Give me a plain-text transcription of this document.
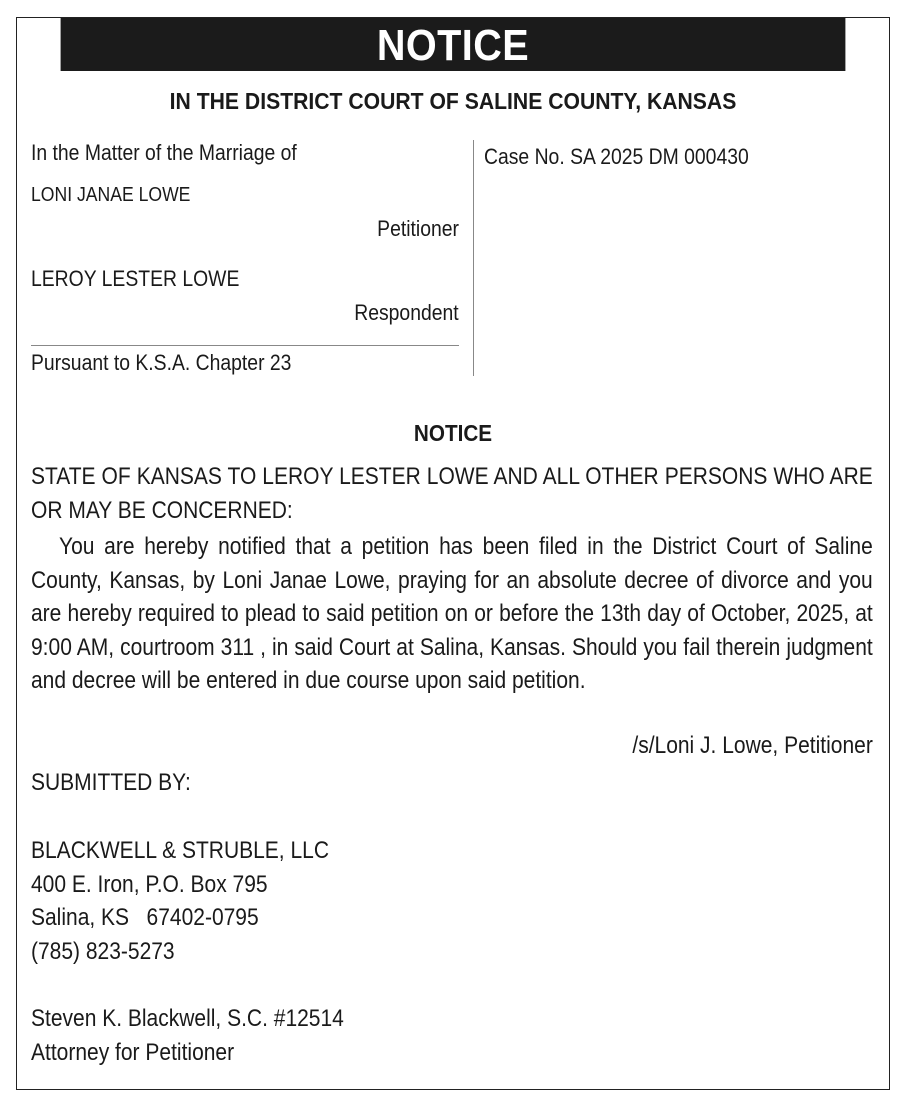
NOTICE
IN THE DISTRICT COURT OF SALINE COUNTY, KANSAS
In the Matter of the Marriage of
LONI JANAE LOWE
Petitioner
LEROY LESTER LOWE
Respondent
Pursuant to K.S.A. Chapter 23
Case No. SA 2025 DM 000430
NOTICE
STATE OF KANSAS TO LEROY LESTER LOWE AND ALL OTHER PERSONS WHO ARE OR MAY BE CONCERNED:
You are hereby notified that a petition has been filed in the District Court of Saline County, Kansas, by Loni Janae Lowe, praying for an absolute decree of divorce and you are hereby required to plead to said petition on or before the 13th day of October, 2025, at 9:00 AM, courtroom 311 , in said Court at Salina, Kansas. Should you fail therein judgment and decree will be entered in due course upon said petition.
/s/Loni J. Lowe, Petitioner
SUBMITTED BY:
BLACKWELL & STRUBLE, LLC
400 E. Iron, P.O. Box 795
Salina, KS   67402-0795
(785) 823-5273
Steven K. Blackwell, S.C. #12514
Attorney for Petitioner
